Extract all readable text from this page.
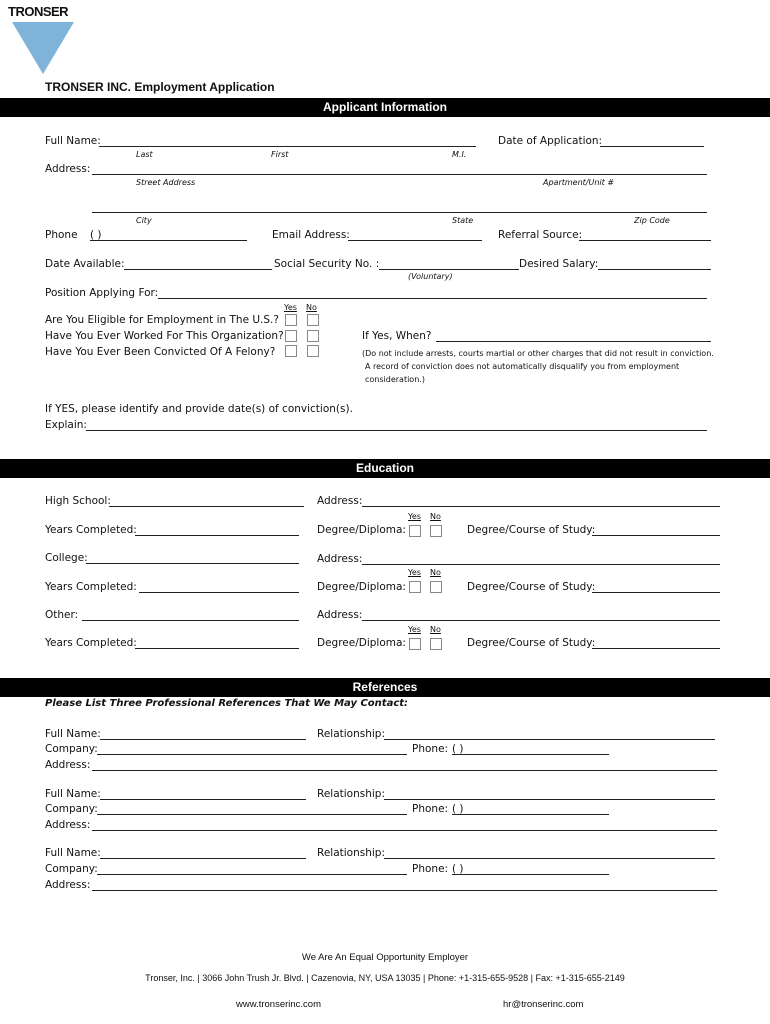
TRONSER
TRONSER INC. Employment Application
Applicant Information
Full Name:	Date of Application:
Last	First	M.I.
Address:
Street Address	Apartment/Unit #
City	State	Zip Code
Phone ( )	Email Address:	Referral Source:
Date Available:	Social Security No. :	Desired Salary:
(Voluntary)
Position Applying For:
Yes No
Are You Eligible for Employment in The U.S.?
Have You Ever Worked For This Organization?	If Yes, When?
Have You Ever Been Convicted Of A Felony?	(Do not include arrests, courts martial or other charges that did not result in conviction.
A record of conviction does not automatically disqualify you from employment
consideration.)
If YES, please identify and provide date(s) of conviction(s).
Explain:
Education
High School:	Address:
Yes No
Years Completed:	Degree/Diploma:	Degree/Course of Study:
College:	Address:
Yes No
Years Completed:	Degree/Diploma:	Degree/Course of Study:
Other:	Address:
Yes No
Years Completed:	Degree/Diploma:	Degree/Course of Study:
References
Please List Three Professional References That We May Contact:
Full Name:	Relationship:
Company:	Phone: ( )
Address:
Full Name:	Relationship:
Company:	Phone: ( )
Address:
Full Name:	Relationship:
Company:	Phone: ( )
Address:
We Are An Equal Opportunity Employer
Tronser, Inc. | 3066 John Trush Jr. Blvd. | Cazenovia, NY, USA 13035 | Phone: +1-315-655-9528 | Fax: +1-315-655-2149
www.tronserinc.com	hr@tronserinc.com
